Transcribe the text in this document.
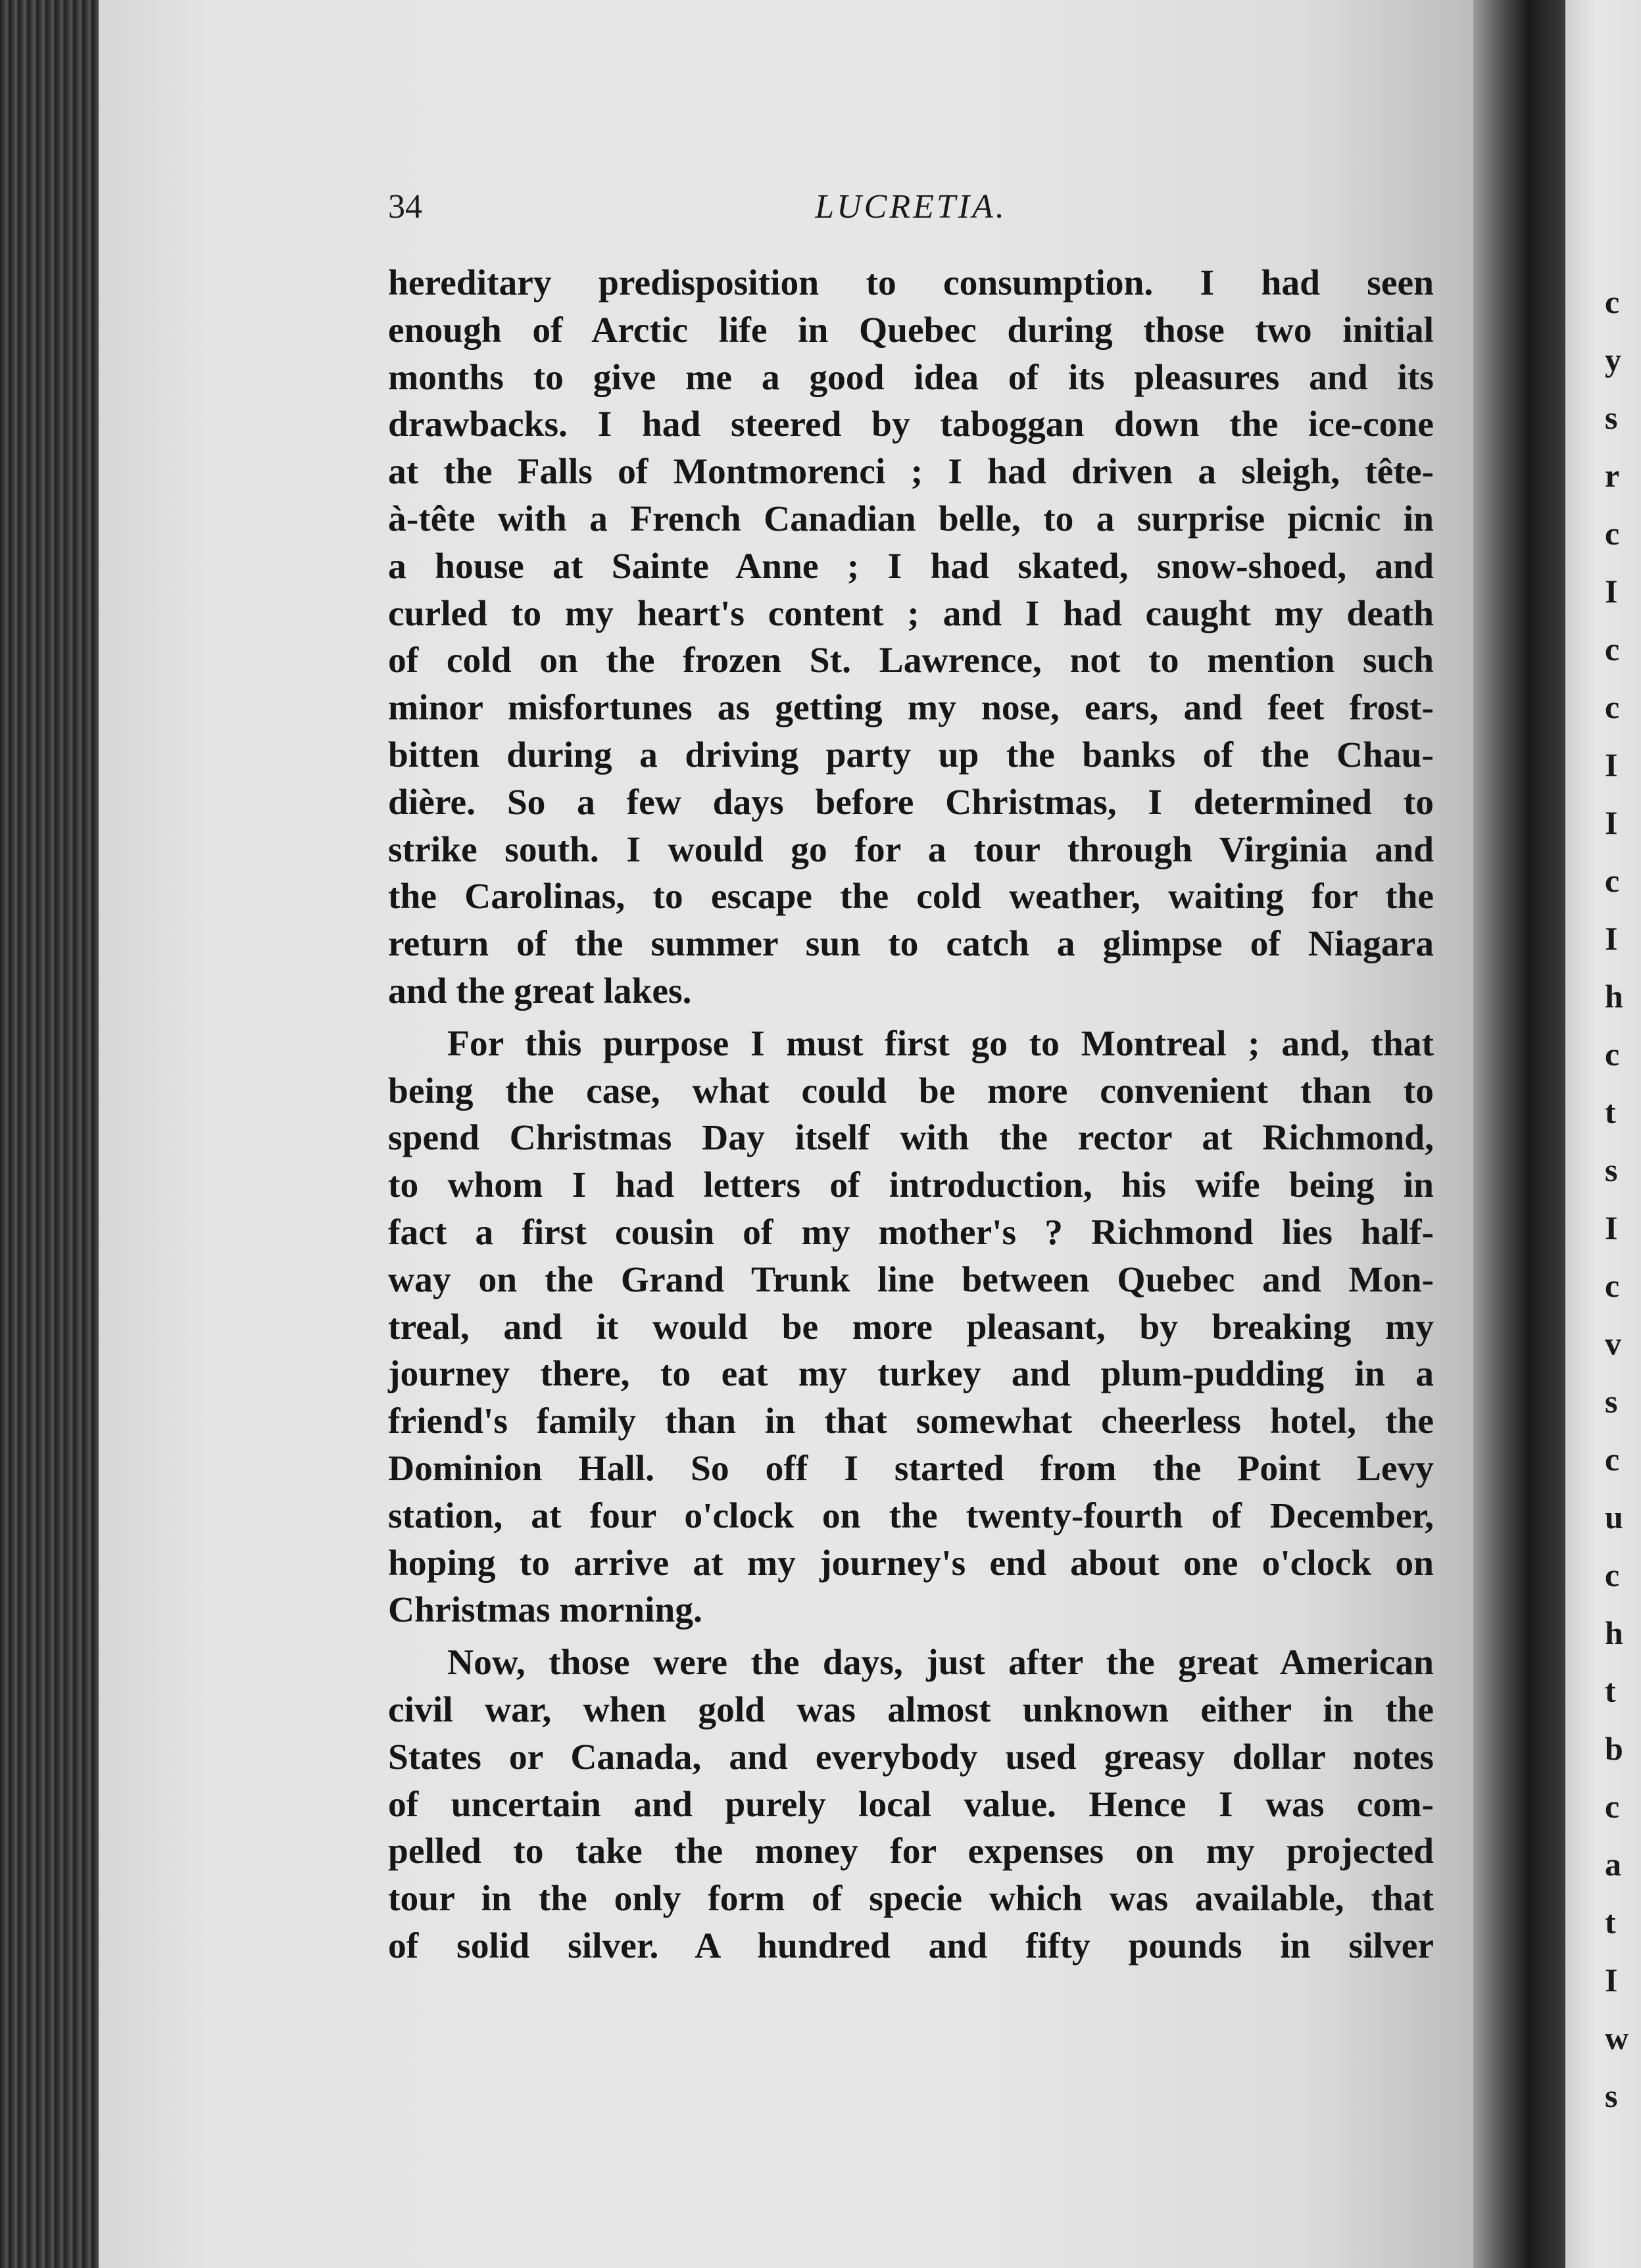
34	LUCRETIA.
hereditary predisposition to consumption. I had seen
enough of Arctic life in Quebec during those two initial
months to give me a good idea of its pleasures and its
drawbacks. I had steered by taboggan down the ice-cone
at the Falls of Montmorenci ; I had driven a sleigh, tête-
à-tête with a French Canadian belle, to a surprise picnic in
a house at Sainte Anne ; I had skated, snow-shoed, and
curled to my heart's content ; and I had caught my death
of cold on the frozen St. Lawrence, not to mention such
minor misfortunes as getting my nose, ears, and feet frost-
bitten during a driving party up the banks of the Chau-
dière. So a few days before Christmas, I determined to
strike south. I would go for a tour through Virginia and
the Carolinas, to escape the cold weather, waiting for the
return of the summer sun to catch a glimpse of Niagara
and the great lakes.
For this purpose I must first go to Montreal ; and, that
being the case, what could be more convenient than to
spend Christmas Day itself with the rector at Richmond,
to whom I had letters of introduction, his wife being in
fact a first cousin of my mother's ? Richmond lies half-
way on the Grand Trunk line between Quebec and Mon-
treal, and it would be more pleasant, by breaking my
journey there, to eat my turkey and plum-pudding in a
friend's family than in that somewhat cheerless hotel, the
Dominion Hall. So off I started from the Point Levy
station, at four o'clock on the twenty-fourth of December,
hoping to arrive at my journey's end about one o'clock on
Christmas morning.
Now, those were the days, just after the great American
civil war, when gold was almost unknown either in the
States or Canada, and everybody used greasy dollar notes
of uncertain and purely local value. Hence I was com-
pelled to take the money for expenses on my projected
tour in the only form of specie which was available, that
of solid silver. A hundred and fifty pounds in silver
c
y
s
r
c
I
c
c
I
I
c
I
h
c
t
s
I
c
v
s
c
u
c
h
t
b
c
a
t
I
w
s
